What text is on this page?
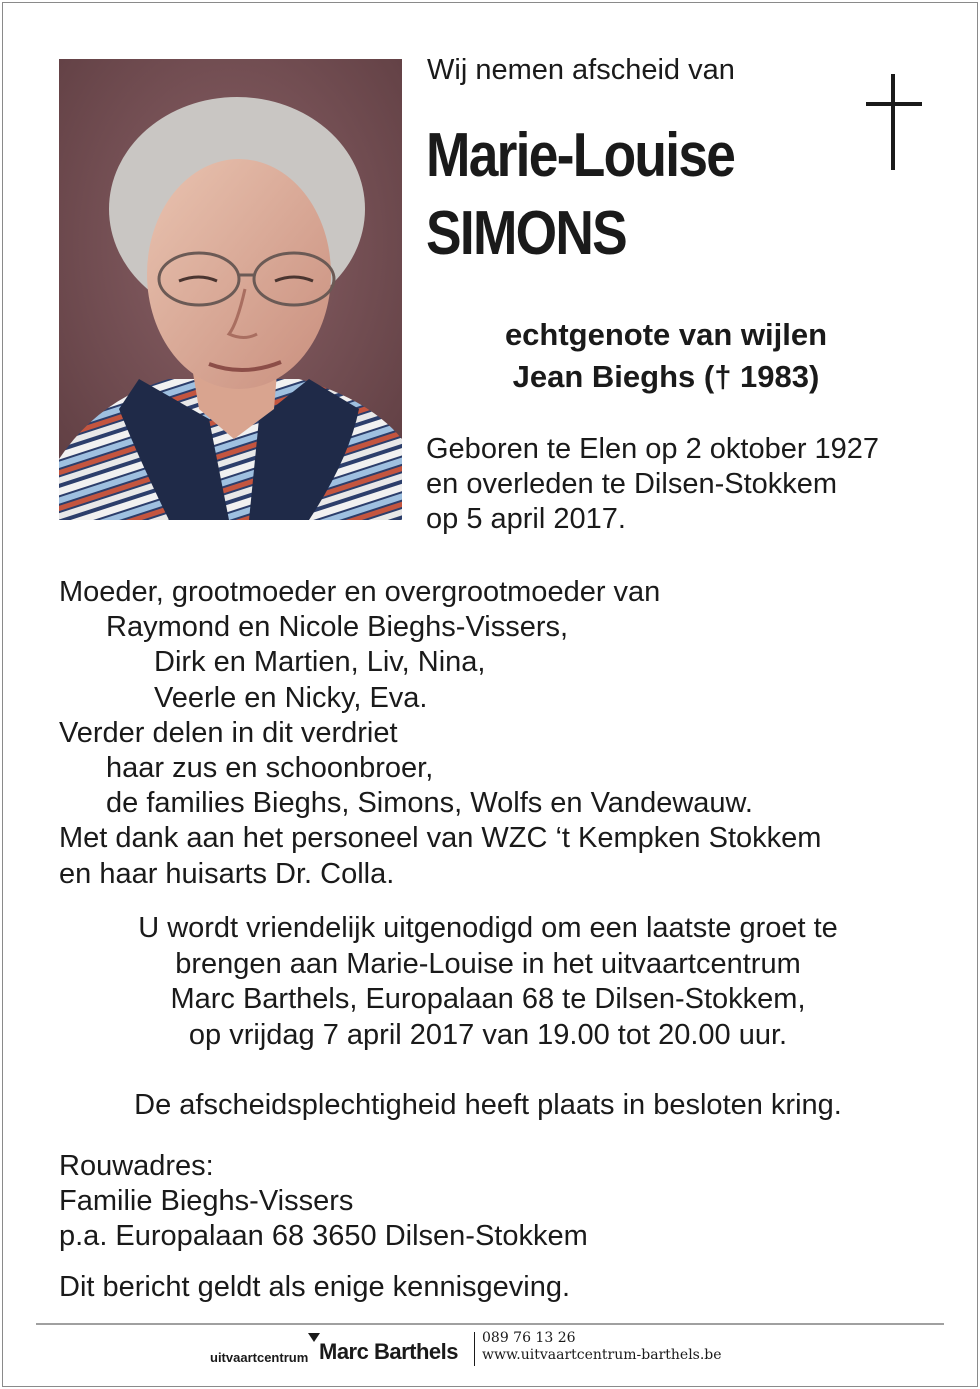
Wij nemen afscheid van
Marie-Louise
SIMONS
echtgenote van wijlen
Jean Bieghs († 1983)
Geboren te Elen op 2 oktober 1927
en overleden te Dilsen-Stokkem
op 5 april 2017.
Moeder, grootmoeder en overgrootmoeder van
Raymond en Nicole Bieghs-Vissers,
Dirk en Martien, Liv, Nina,
Veerle en Nicky, Eva.
Verder delen in dit verdriet
haar zus en schoonbroer,
de families Bieghs, Simons, Wolfs en Vandewauw.
Met dank aan het personeel van WZC ‘t Kempken Stokkem
en haar huisarts Dr. Colla.
U wordt vriendelijk uitgenodigd om een laatste groet te
brengen aan Marie-Louise in het uitvaartcentrum
Marc Barthels, Europalaan 68 te Dilsen-Stokkem,
op vrijdag 7 april 2017 van 19.00 tot 20.00 uur.
De afscheidsplechtigheid heeft plaats in besloten kring.
Rouwadres:
Familie Bieghs-Vissers
p.a. Europalaan 68 3650 Dilsen-Stokkem
Dit bericht geldt als enige kennisgeving.
uitvaartcentrum Marc Barthels
089 76 13 26
www.uitvaartcentrum-barthels.be
